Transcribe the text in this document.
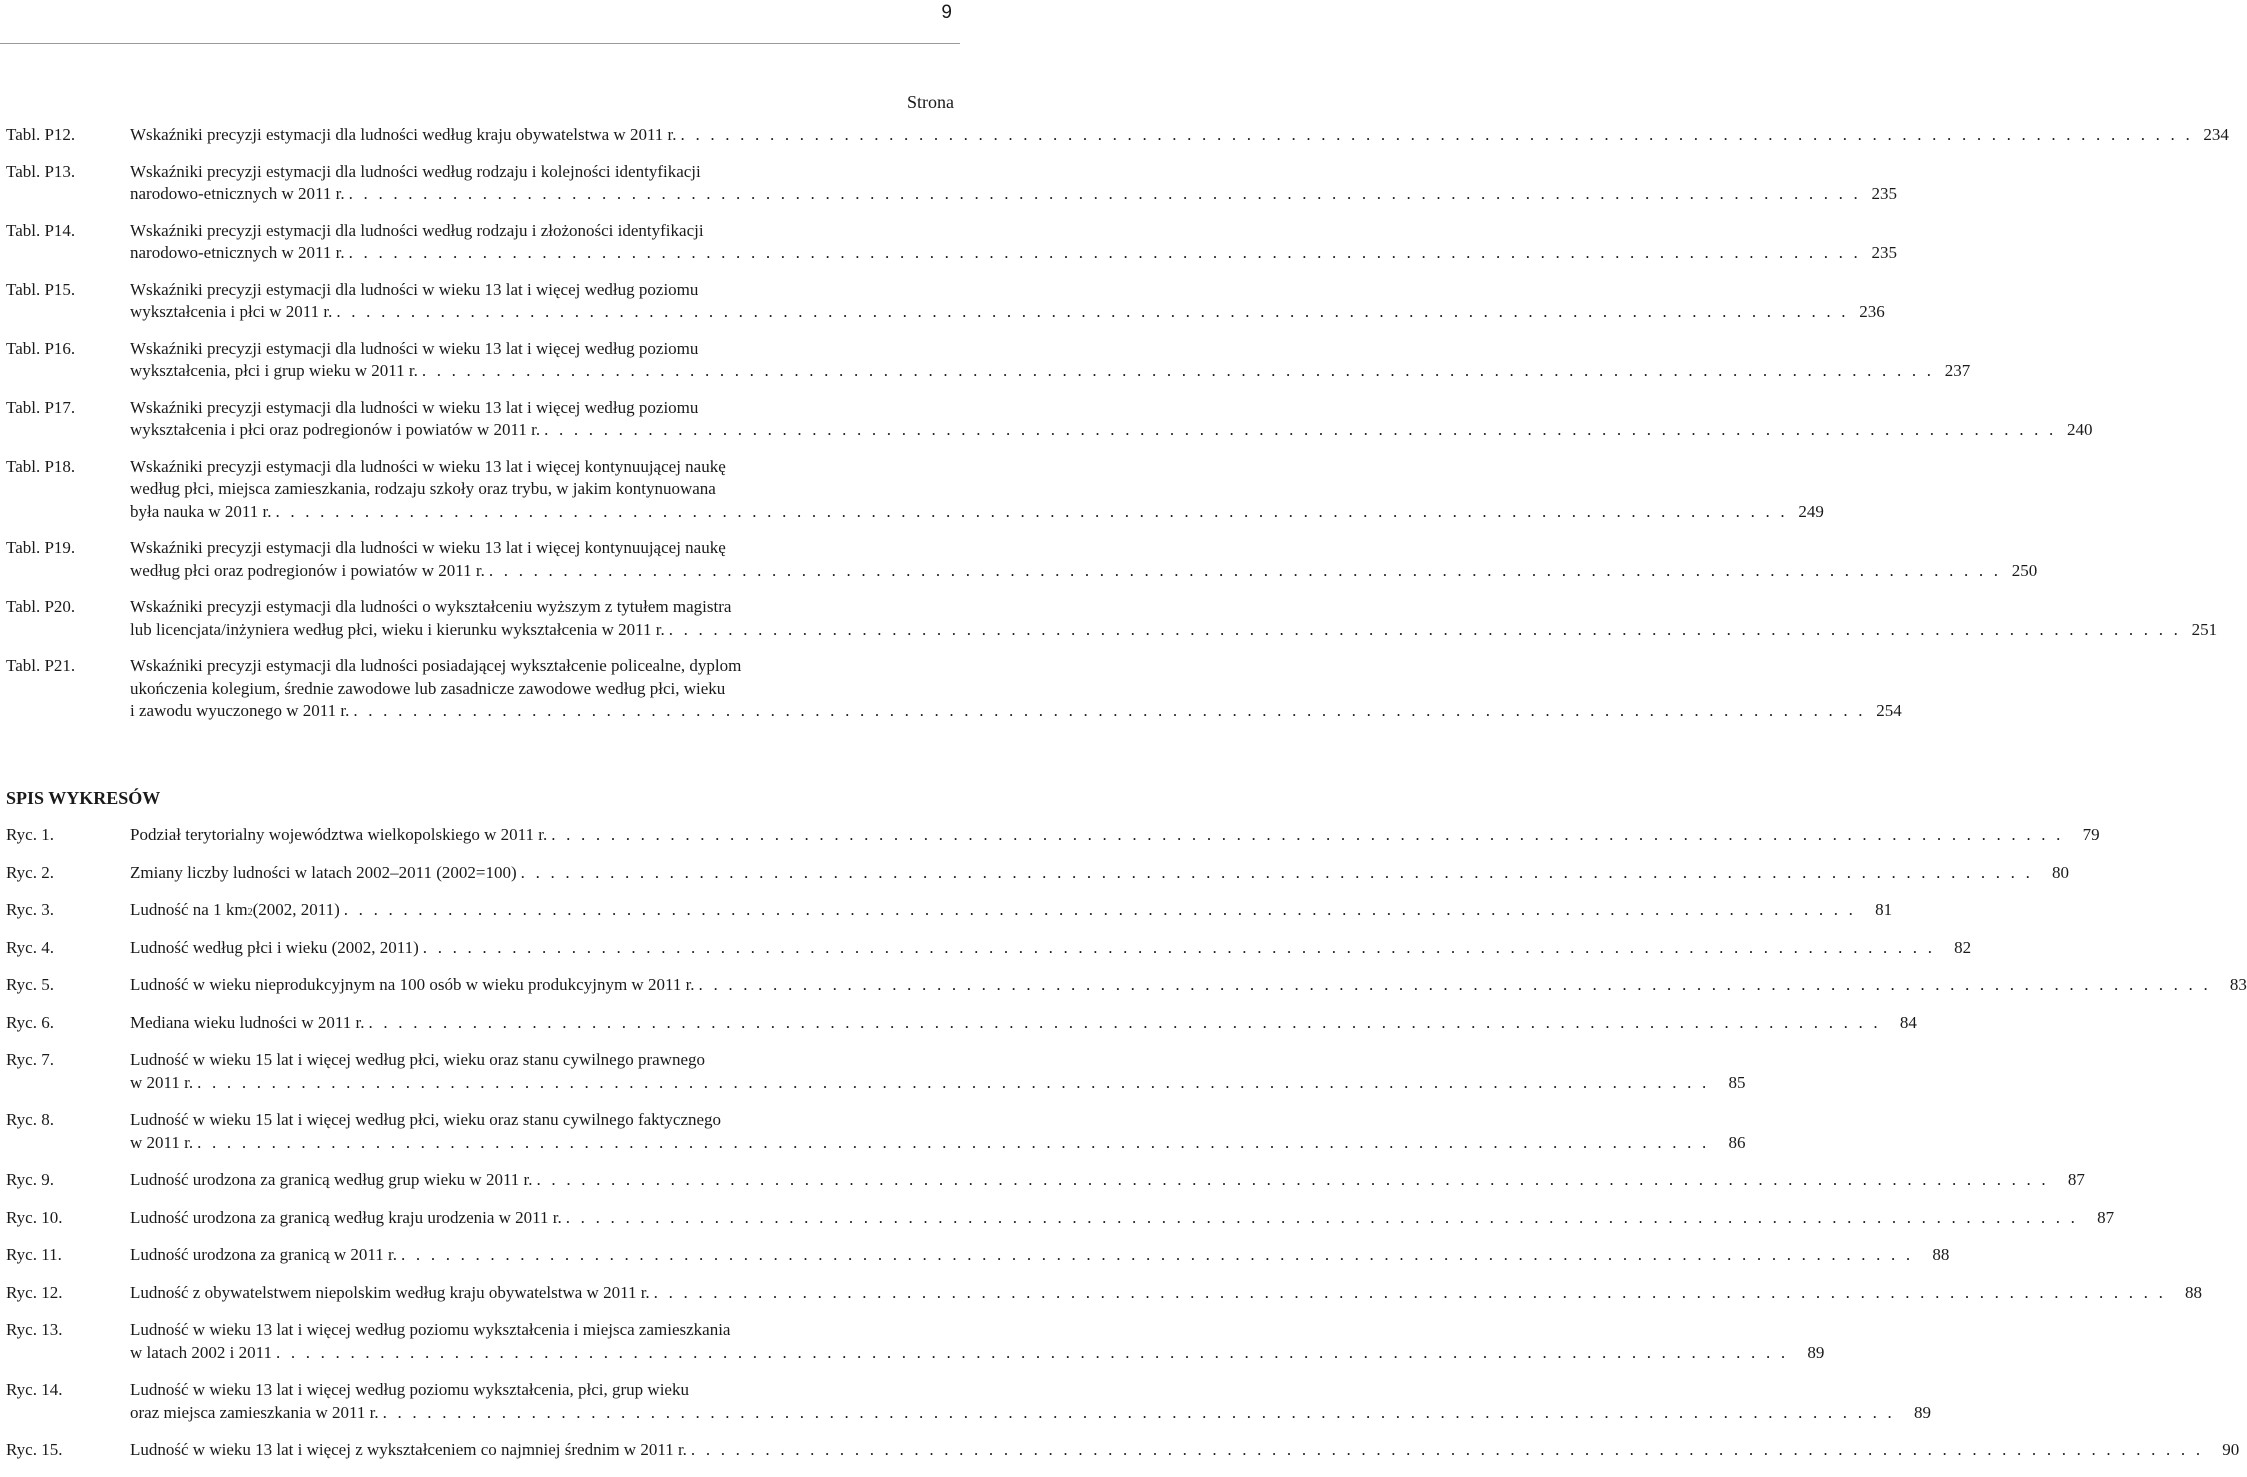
9
Strona
Tabl. P12.	Wskaźniki precyzji estymacji dla ludności według kraju obywatelstwa w 2011 r. . . .	234
Tabl. P13.	Wskaźniki precyzji estymacji dla ludności według rodzaju i kolejności identyfikacji
narodowo-etnicznych w 2011 r. . . .	235
Tabl. P14.	Wskaźniki precyzji estymacji dla ludności według rodzaju i złożoności identyfikacji
narodowo-etnicznych w 2011 r. . . .	235
Tabl. P15.	Wskaźniki precyzji estymacji dla ludności w wieku 13 lat i więcej według poziomu
wykształcenia i płci w 2011 r. . . .	236
Tabl. P16.	Wskaźniki precyzji estymacji dla ludności w wieku 13 lat i więcej według poziomu
wykształcenia, płci i grup wieku w 2011 r. . . .	237
Tabl. P17.	Wskaźniki precyzji estymacji dla ludności w wieku 13 lat i więcej według poziomu
wykształcenia i płci oraz podregionów i powiatów w 2011 r. . . .	240
Tabl. P18.	Wskaźniki precyzji estymacji dla ludności w wieku 13 lat i więcej kontynuującej naukę
według płci, miejsca zamieszkania, rodzaju szkoły oraz trybu, w jakim kontynuowana
była nauka w 2011 r. . . .	249
Tabl. P19.	Wskaźniki precyzji estymacji dla ludności w wieku 13 lat i więcej kontynuującej naukę
według płci oraz podregionów i powiatów w 2011 r. . . .	250
Tabl. P20.	Wskaźniki precyzji estymacji dla ludności o wykształceniu wyższym z tytułem magistra
lub licencjata/inżyniera według płci, wieku i kierunku wykształcenia w 2011 r. . . .	251
Tabl. P21.	Wskaźniki precyzji estymacji dla ludności posiadającej wykształcenie policealne, dyplom
ukończenia kolegium, średnie zawodowe lub zasadnicze zawodowe według płci, wieku
i zawodu wyuczonego w 2011 r. . . .	254
SPIS WYKRESÓW
Ryc. 1.	Podział terytorialny województwa wielkopolskiego w 2011 r. . . .	79
Ryc. 2.	Zmiany liczby ludności w latach 2002–2011 (2002=100) . . .	80
Ryc. 3.	Ludność na 1 km 2 (2002, 2011) . . .	81
Ryc. 4.	Ludność według płci i wieku (2002, 2011) . . .	82
Ryc. 5.	Ludność w wieku nieprodukcyjnym na 100 osób w wieku produkcyjnym w 2011 r. . . .	83
Ryc. 6.	Mediana wieku ludności w 2011 r. . . .	84
Ryc. 7.	Ludność w wieku 15 lat i więcej według płci, wieku oraz stanu cywilnego prawnego
w 2011 r. . . .	85
Ryc. 8.	Ludność w wieku 15 lat i więcej według płci, wieku oraz stanu cywilnego faktycznego
w 2011 r. . . .	86
Ryc. 9.	Ludność urodzona za granicą według grup wieku w 2011 r. . . .	87
Ryc. 10.	Ludność urodzona za granicą według kraju urodzenia w 2011 r. . . .	87
Ryc. 11.	Ludność urodzona za granicą w 2011 r. . . .	88
Ryc. 12.	Ludność z obywatelstwem niepolskim według kraju obywatelstwa w 2011 r. . . .	88
Ryc. 13.	Ludność w wieku 13 lat i więcej według poziomu wykształcenia i miejsca zamieszkania
w latach 2002 i 2011 . . .	89
Ryc. 14.	Ludność w wieku 13 lat i więcej według poziomu wykształcenia, płci, grup wieku
oraz miejsca zamieszkania w 2011 r. . . .	89
Ryc. 15.	Ludność w wieku 13 lat i więcej z wykształceniem co najmniej średnim w 2011 r. . . .	90
